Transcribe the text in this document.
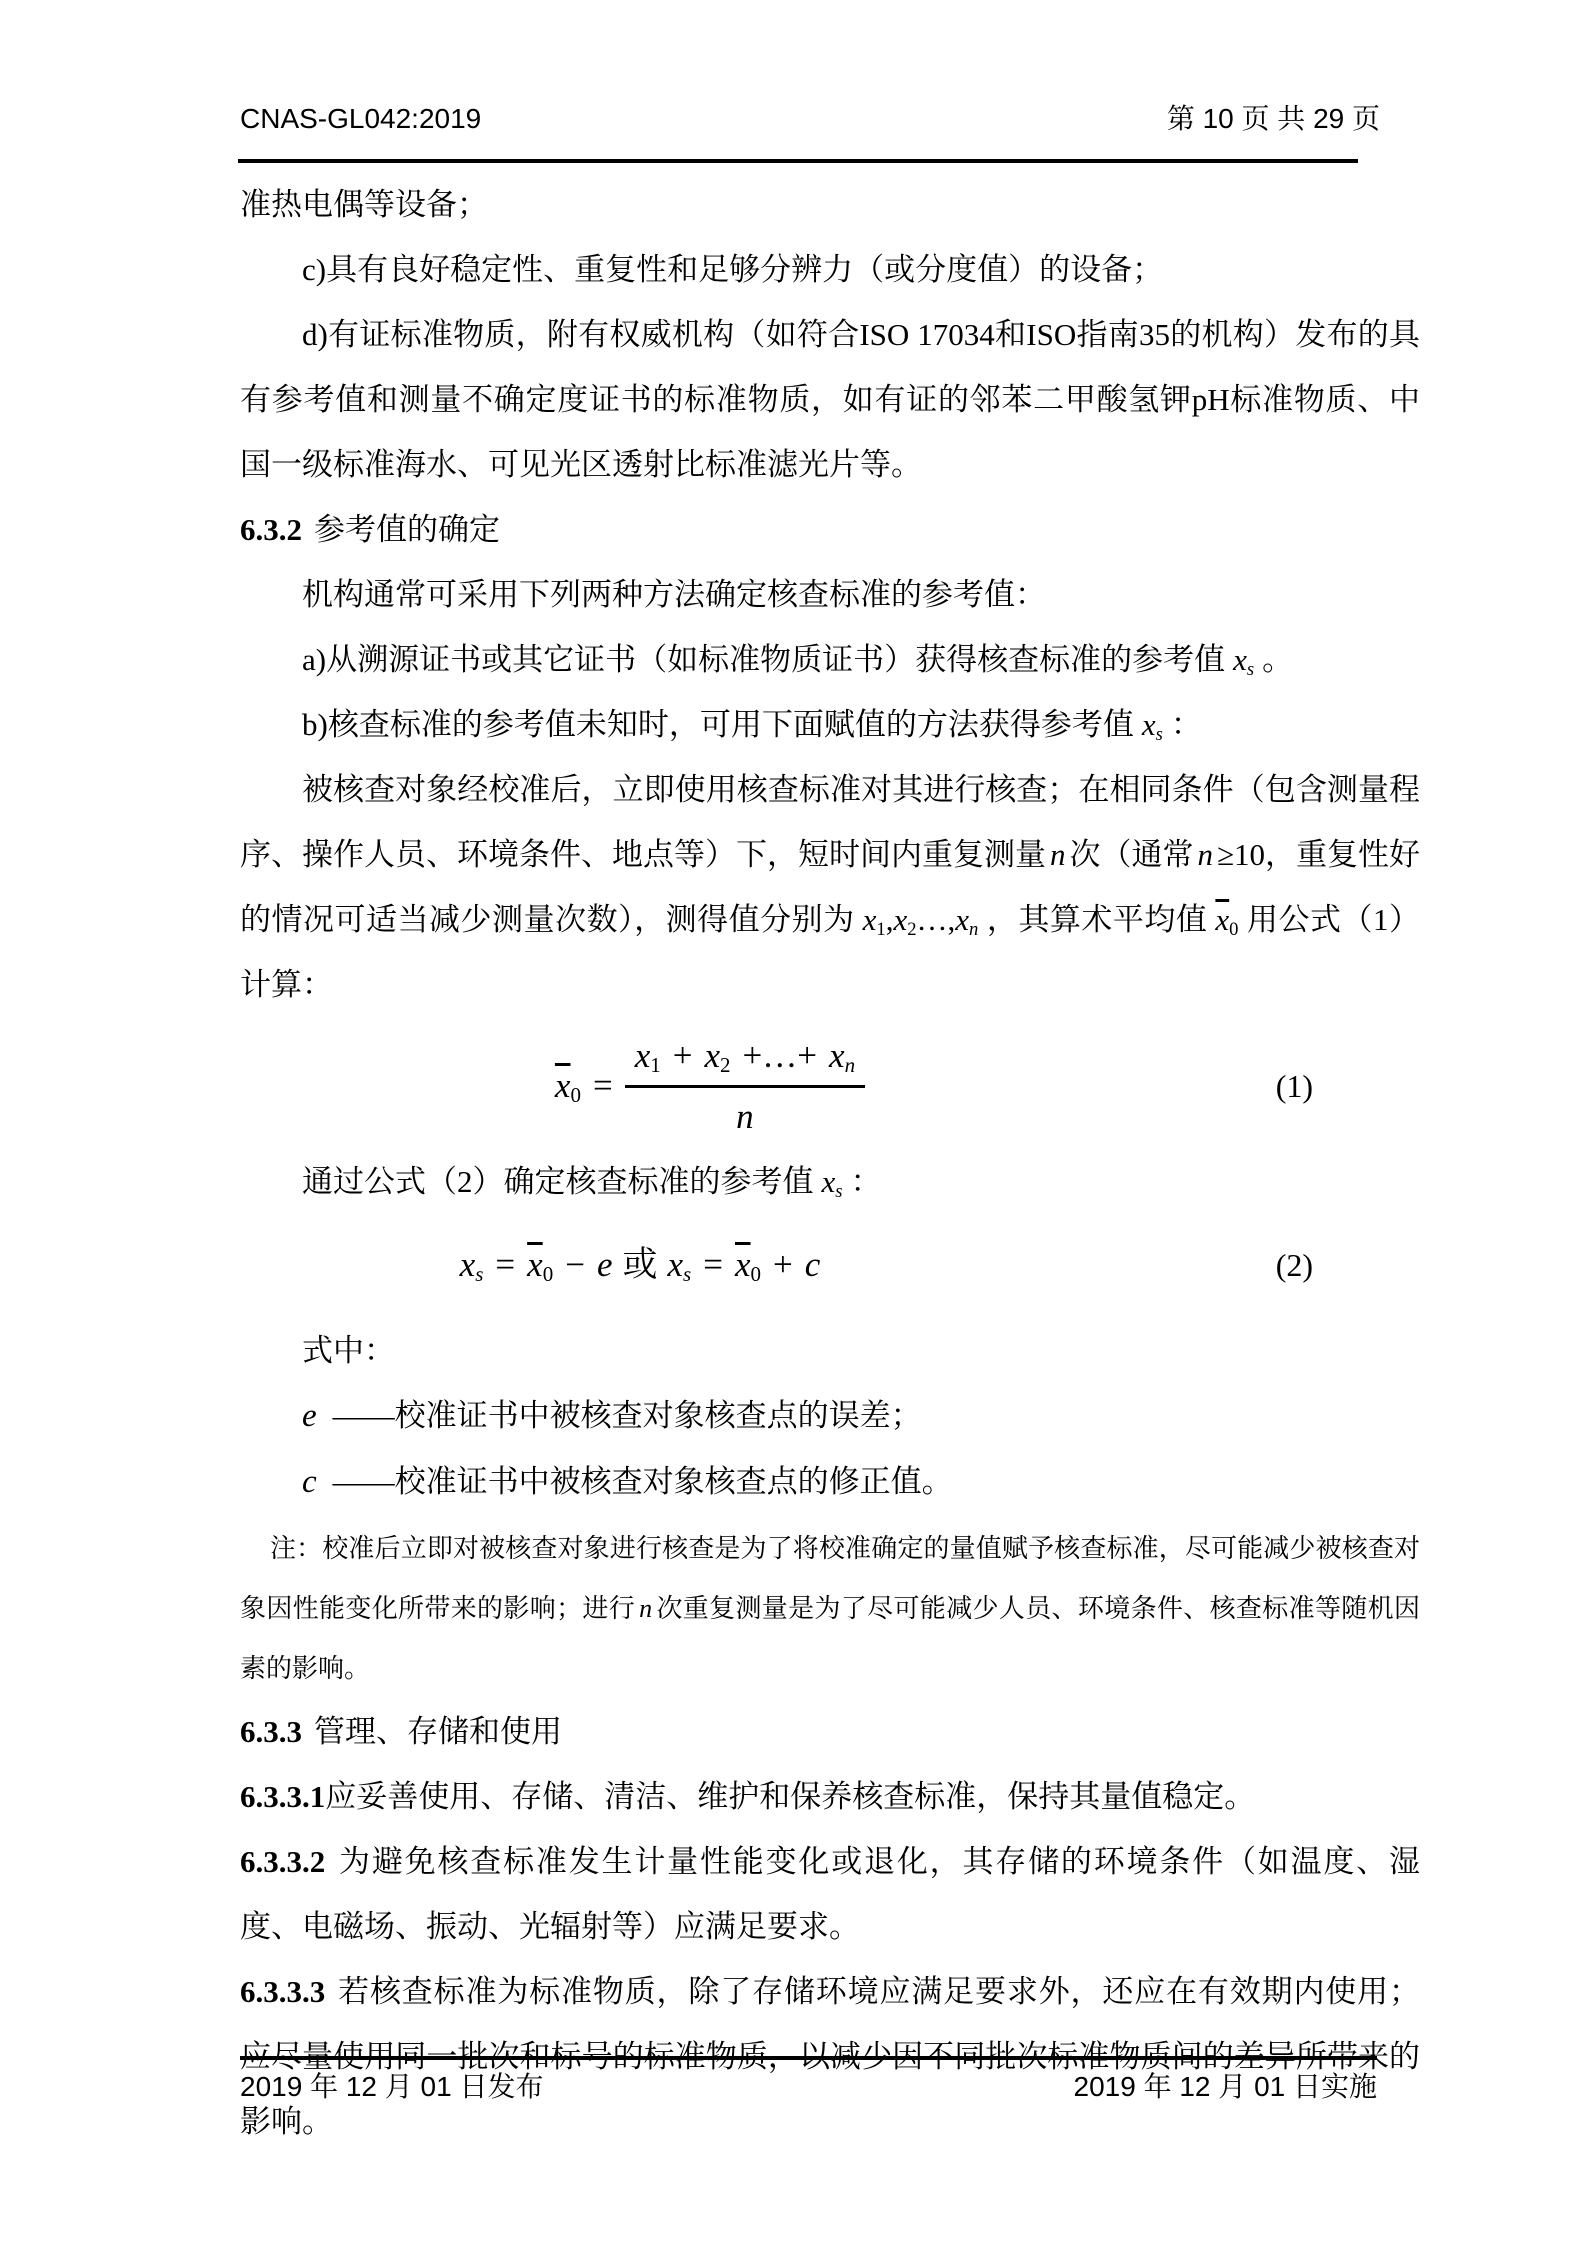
CNAS-GL042:2019	第 10 页 共 29 页

准热电偶等设备；

c)具有良好稳定性、重复性和足够分辨力（或分度值）的设备；

d)有证标准物质，附有权威机构（如符合ISO 17034和ISO指南35的机构）发布的具有参考值和测量不确定度证书的标准物质，如有证的邻苯二甲酸氢钾pH标准物质、中国一级标准海水、可见光区透射比标准滤光片等。

6.3.2 参考值的确定

机构通常可采用下列两种方法确定核查标准的参考值：

a)从溯源证书或其它证书（如标准物质证书）获得核查标准的参考值 $x_s$ 。

b)核查标准的参考值未知时，可用下面赋值的方法获得参考值 $x_s$ ：

被核查对象经校准后，立即使用核查标准对其进行核查；在相同条件（包含测量程序、操作人员、环境条件、地点等）下，短时间内重复测量 n 次（通常 n ≥10，重复性好的情况可适当减少测量次数），测得值分别为 $x_1,x_2\dots,x_n$ ，其算术平均值 $\overline{x}_0$ 用公式（1）计算：

$\overline{x}_0 = \frac{x_1 + x_2 +\dots+ x_n}{n}$	(1)

通过公式（2）确定核查标准的参考值 $x_s$ ：

$x_s = \overline{x}_0 - e$ 或 $x_s = \overline{x}_0 + c$	(2)

式中：

e ——校准证书中被核查对象核查点的误差；

c ——校准证书中被核查对象核查点的修正值。

注：校准后立即对被核查对象进行核查是为了将校准确定的量值赋予核查标准，尽可能减少被核查对象因性能变化所带来的影响；进行 n 次重复测量是为了尽可能减少人员、环境条件、核查标准等随机因素的影响。

6.3.3 管理、存储和使用

6.3.3.1应妥善使用、存储、清洁、维护和保养核查标准，保持其量值稳定。

6.3.3.2 为避免核查标准发生计量性能变化或退化，其存储的环境条件（如温度、湿度、电磁场、振动、光辐射等）应满足要求。

6.3.3.3 若核查标准为标准物质，除了存储环境应满足要求外，还应在有效期内使用；应尽量使用同一批次和标号的标准物质，以减少因不同批次标准物质间的差异所带来的影响。

2019 年 12 月 01 日发布	2019 年 12 月 01 日实施
